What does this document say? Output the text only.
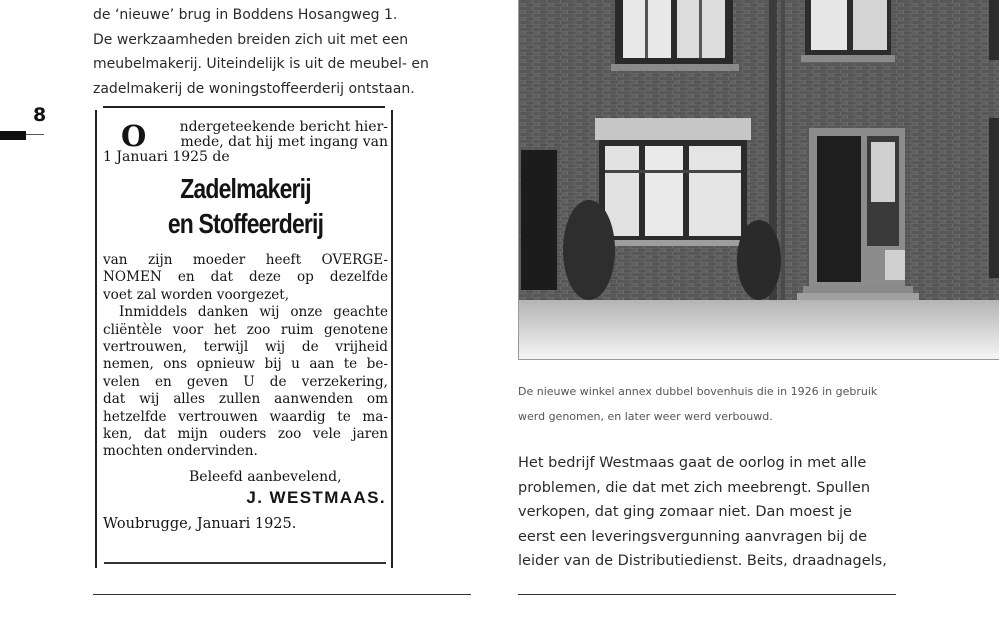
8
de ‘nieuwe’ brug in Boddens Hosangweg 1.
De werkzaamheden breiden zich uit met een
meubelmakerij. Uiteindelijk is uit de meubel- en
zadelmakerij de woningstoffeerderij ontstaan.
O	ndergeteekende bericht hier-
mede, dat hij met ingang van
1 Januari 1925 de
Zadelmakerij
en Stoffeerderij
van zijn moeder heeft OVERGE-
NOMEN en dat deze op dezelfde
voet zal worden voorgezet,
Inmiddels danken wij onze geachte
cliëntèle voor het zoo ruim genotene
vertrouwen, terwijl wij de vrijheid
nemen, ons opnieuw bij u aan te be-
velen en geven U de verzekering,
dat wij alles zullen aanwenden om
hetzelfde vertrouwen waardig te ma-
ken, dat mijn ouders zoo vele jaren
mochten ondervinden.
Beleefd aanbevelend,
J. WESTMAAS.
Woubrugge, Januari 1925.
De nieuwe winkel annex dubbel bovenhuis die in 1926 in gebruik
werd genomen, en later weer werd verbouwd.
Het bedrijf Westmaas gaat de oorlog in met alle
problemen, die dat met zich meebrengt. Spullen
verkopen, dat ging zomaar niet. Dan moest je
eerst een leveringsvergunning aanvragen bij de
leider van de Distributiedienst. Beits, draadnagels,
